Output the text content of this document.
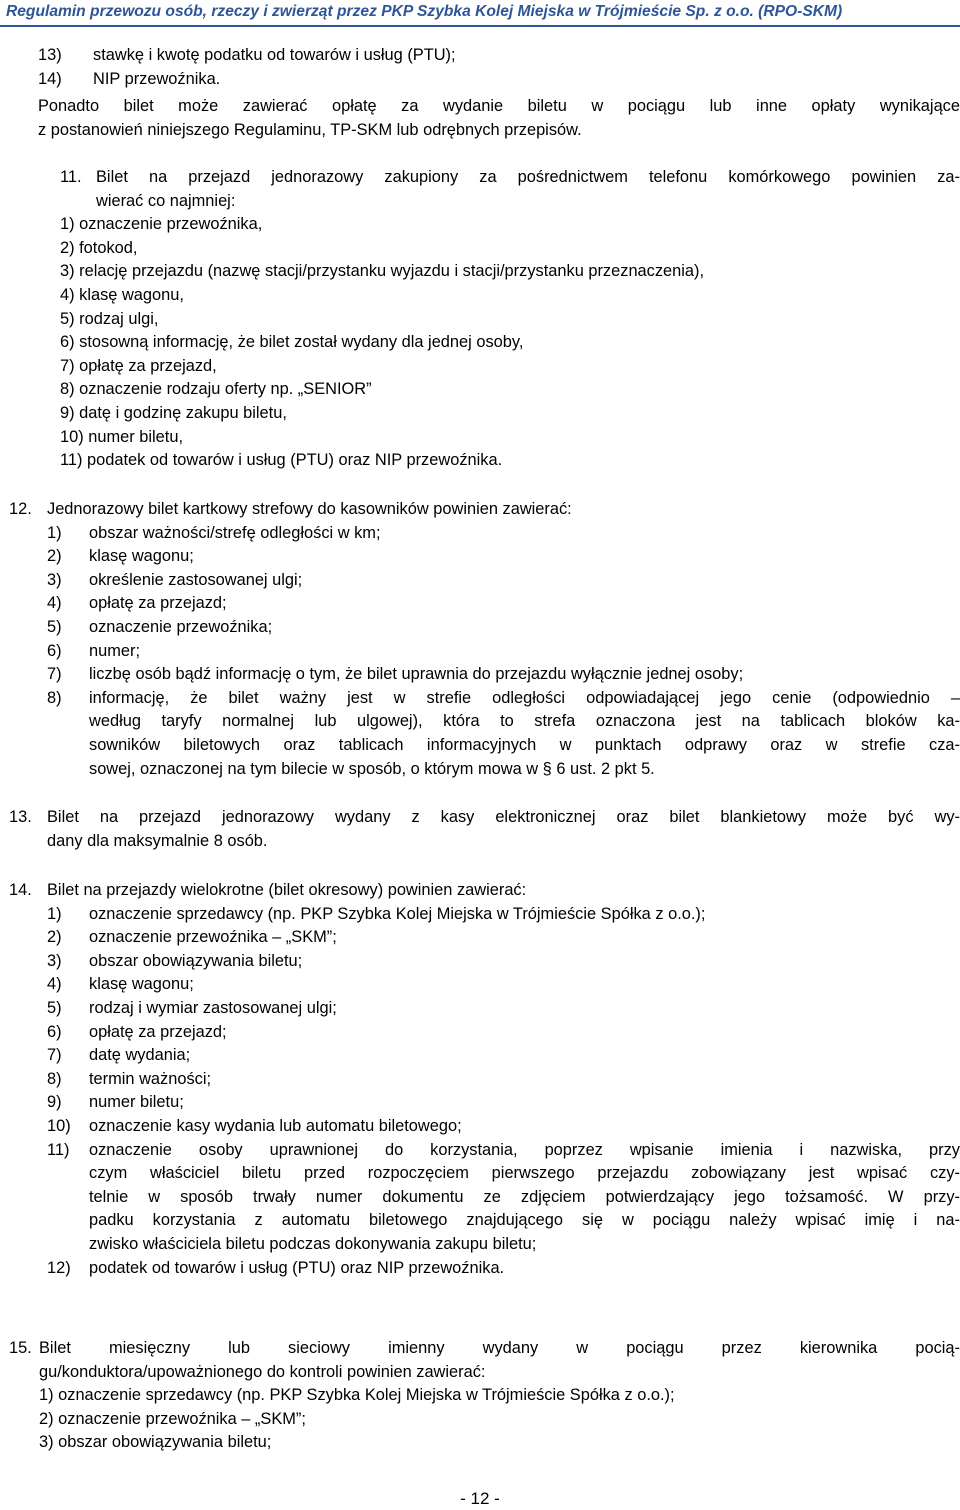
Regulamin przewozu osób, rzeczy i zwierząt przez PKP Szybka Kolej Miejska w Trójmieście Sp. z o.o. (RPO-SKM)
13)	stawkę i kwotę podatku od towarów i usług (PTU);
14)	NIP przewoźnika.
Ponadto bilet może zawierać opłatę za wydanie biletu w pociągu lub inne opłaty wynikające
z postanowień niniejszego Regulaminu, TP-SKM lub odrębnych przepisów.
11. Bilet na przejazd jednorazowy zakupiony za pośrednictwem telefonu komórkowego powinien za-
wierać co najmniej:
1) oznaczenie przewoźnika,
2) fotokod,
3) relację przejazdu (nazwę stacji/przystanku wyjazdu i stacji/przystanku przeznaczenia),
4) klasę wagonu,
5) rodzaj ulgi,
6) stosowną informację, że bilet został wydany dla jednej osoby,
7) opłatę za przejazd,
8) oznaczenie rodzaju oferty np. „SENIOR”
9) datę i godzinę zakupu biletu,
10) numer biletu,
11) podatek od towarów i usług (PTU) oraz NIP przewoźnika.
12. Jednorazowy bilet kartkowy strefowy do kasowników powinien zawierać:
1)	obszar ważności/strefę odległości w km;
2)	klasę wagonu;
3)	określenie zastosowanej ulgi;
4)	opłatę za przejazd;
5)	oznaczenie przewoźnika;
6)	numer;
7)	liczbę osób bądź informację o tym, że bilet uprawnia do przejazdu wyłącznie jednej osoby;
8)	informację, że bilet ważny jest w strefie odległości odpowiadającej jego cenie (odpowiednio –
według taryfy normalnej lub ulgowej), która to strefa oznaczona jest na tablicach bloków ka-
sowników biletowych oraz tablicach informacyjnych w punktach odprawy oraz w strefie cza-
sowej, oznaczonej na tym bilecie w sposób, o którym mowa w § 6 ust. 2 pkt 5.
13. Bilet na przejazd jednorazowy wydany z kasy elektronicznej oraz bilet blankietowy może być wy-
dany dla maksymalnie 8 osób.
14. Bilet na przejazdy wielokrotne (bilet okresowy) powinien zawierać:
1)	oznaczenie sprzedawcy (np. PKP Szybka Kolej Miejska w Trójmieście Spółka z o.o.);
2)	oznaczenie przewoźnika – „SKM”;
3)	obszar obowiązywania biletu;
4)	klasę wagonu;
5)	rodzaj i wymiar zastosowanej ulgi;
6)	opłatę za przejazd;
7)	datę wydania;
8)	termin ważności;
9)	numer biletu;
10)	oznaczenie kasy wydania lub automatu biletowego;
11)	oznaczenie osoby uprawnionej do korzystania, poprzez wpisanie imienia i nazwiska, przy
czym właściciel biletu przed rozpoczęciem pierwszego przejazdu zobowiązany jest wpisać czy-
telnie w sposób trwały numer dokumentu ze zdjęciem potwierdzający jego tożsamość. W przy-
padku korzystania z automatu biletowego znajdującego się w pociągu należy wpisać imię i na-
zwisko właściciela biletu podczas dokonywania zakupu biletu;
12)	podatek od towarów i usług (PTU) oraz NIP przewoźnika.
15. Bilet miesięczny lub sieciowy imienny wydany w pociągu przez kierownika pocią-
gu/konduktora/upoważnionego do kontroli powinien zawierać:
1) oznaczenie sprzedawcy (np. PKP Szybka Kolej Miejska w Trójmieście Spółka z o.o.);
2) oznaczenie przewoźnika – „SKM”;
3) obszar obowiązywania biletu;
- 12 -
